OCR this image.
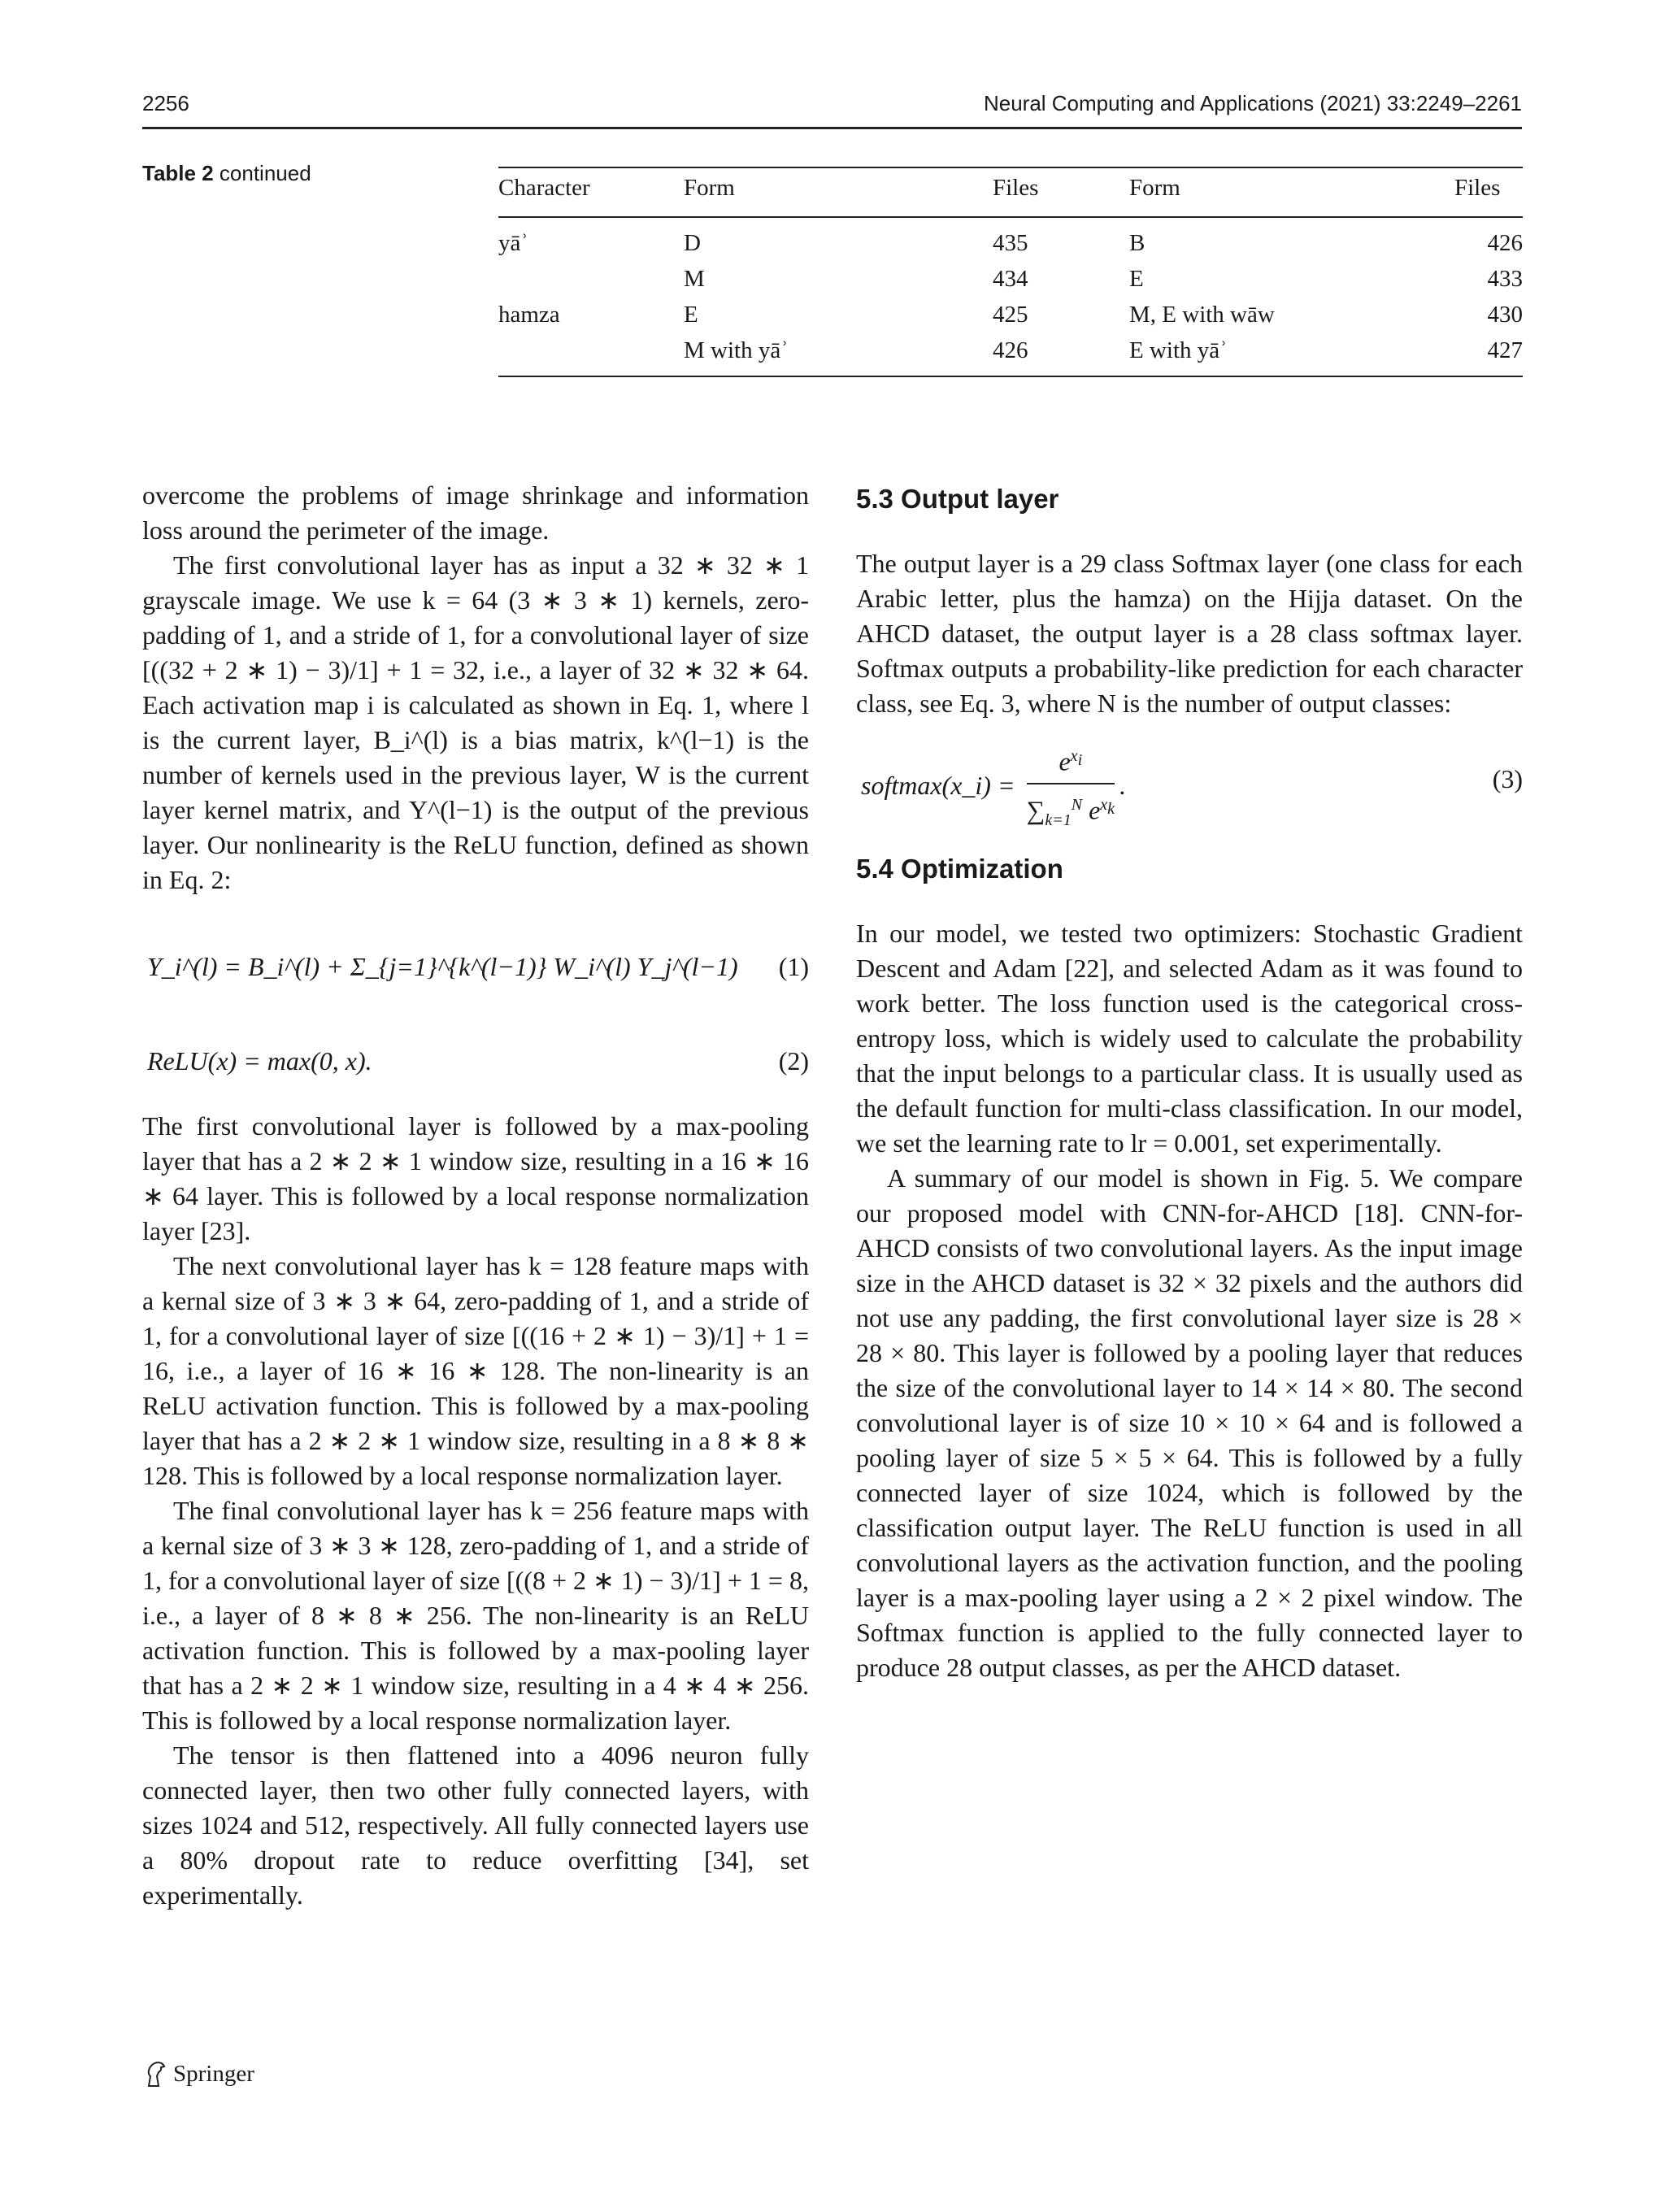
2256	Neural Computing and Applications (2021) 33:2249–2261
Table 2 continued
Character	Form	Files	Form	Files
yāʾ	D	435	B	426
	M	434	E	433
hamza	E	425	M, E with wāw	430
	M with yāʾ	426	E with yāʾ	427

overcome the problems of image shrinkage and information loss around the perimeter of the image.

The first convolutional layer has as input a 32 ∗ 32 ∗ 1 grayscale image. We use k = 64 (3 ∗ 3 ∗ 1) kernels, zero-padding of 1, and a stride of 1, for a convolutional layer of size [((32 + 2 ∗ 1) − 3)/1] + 1 = 32, i.e., a layer of 32 ∗ 32 ∗ 64. Each activation map i is calculated as shown in Eq. 1, where l is the current layer, B_i^(l) is a bias matrix, k^(l−1) is the number of kernels used in the previous layer, W is the current layer kernel matrix, and Y^(l−1) is the output of the previous layer. Our nonlinearity is the ReLU function, defined as shown in Eq. 2:

Y_i^(l) = B_i^(l) + Σ_{j=1}^{k^(l−1)} W_i^(l) Y_j^(l−1) (1)
ReLU(x) = max(0, x).	(2)

The first convolutional layer is followed by a max-pooling layer that has a 2 ∗ 2 ∗ 1 window size, resulting in a 16 ∗ 16 ∗ 64 layer. This is followed by a local response normalization layer [23].

The next convolutional layer has k = 128 feature maps with a kernal size of 3 ∗ 3 ∗ 64, zero-padding of 1, and a stride of 1, for a convolutional layer of size [((16 + 2 ∗ 1) − 3)/1] + 1 = 16, i.e., a layer of 16 ∗ 16 ∗ 128. The non-linearity is an ReLU activation function. This is followed by a max-pooling layer that has a 2 ∗ 2 ∗ 1 window size, resulting in a 8 ∗ 8 ∗ 128. This is followed by a local response normalization layer.

The final convolutional layer has k = 256 feature maps with a kernal size of 3 ∗ 3 ∗ 128, zero-padding of 1, and a stride of 1, for a convolutional layer of size [((8 + 2 ∗ 1) − 3)/1] + 1 = 8, i.e., a layer of 8 ∗ 8 ∗ 256. The non-linearity is an ReLU activation function. This is followed by a max-pooling layer that has a 2 ∗ 2 ∗ 1 window size, resulting in a 4 ∗ 4 ∗ 256. This is followed by a local response normalization layer.

The tensor is then flattened into a 4096 neuron fully connected layer, then two other fully connected layers, with sizes 1024 and 512, respectively. All fully connected layers use a 80% dropout rate to reduce overfitting [34], set experimentally.

5.3 Output layer

The output layer is a 29 class Softmax layer (one class for each Arabic letter, plus the hamza) on the Hijja dataset. On the AHCD dataset, the output layer is a 28 class softmax layer. Softmax outputs a probability-like prediction for each character class, see Eq. 3, where N is the number of output classes:

softmax(x_i) = $\frac{e^{x_i}}{\sum_{k=1}^N e^{x_k}}$ .	(3)
5.4 Optimization

In our model, we tested two optimizers: Stochastic Gradient Descent and Adam [22], and selected Adam as it was found to work better. The loss function used is the categorical cross-entropy loss, which is widely used to calculate the probability that the input belongs to a particular class. It is usually used as the default function for multi-class classification. In our model, we set the learning rate to lr = 0.001, set experimentally.

A summary of our model is shown in Fig. 5. We compare our proposed model with CNN-for-AHCD [18]. CNN-for-AHCD consists of two convolutional layers. As the input image size in the AHCD dataset is 32 × 32 pixels and the authors did not use any padding, the first convolutional layer size is 28 × 28 × 80. This layer is followed by a pooling layer that reduces the size of the convolutional layer to 14 × 14 × 80. The second convolutional layer is of size 10 × 10 × 64 and is followed a pooling layer of size 5 × 5 × 64. This is followed by a fully connected layer of size 1024, which is followed by the classification output layer. The ReLU function is used in all convolutional layers as the activation function, and the pooling layer is a max-pooling layer using a 2 × 2 pixel window. The Softmax function is applied to the fully connected layer to produce 28 output classes, as per the AHCD dataset.

Springer
